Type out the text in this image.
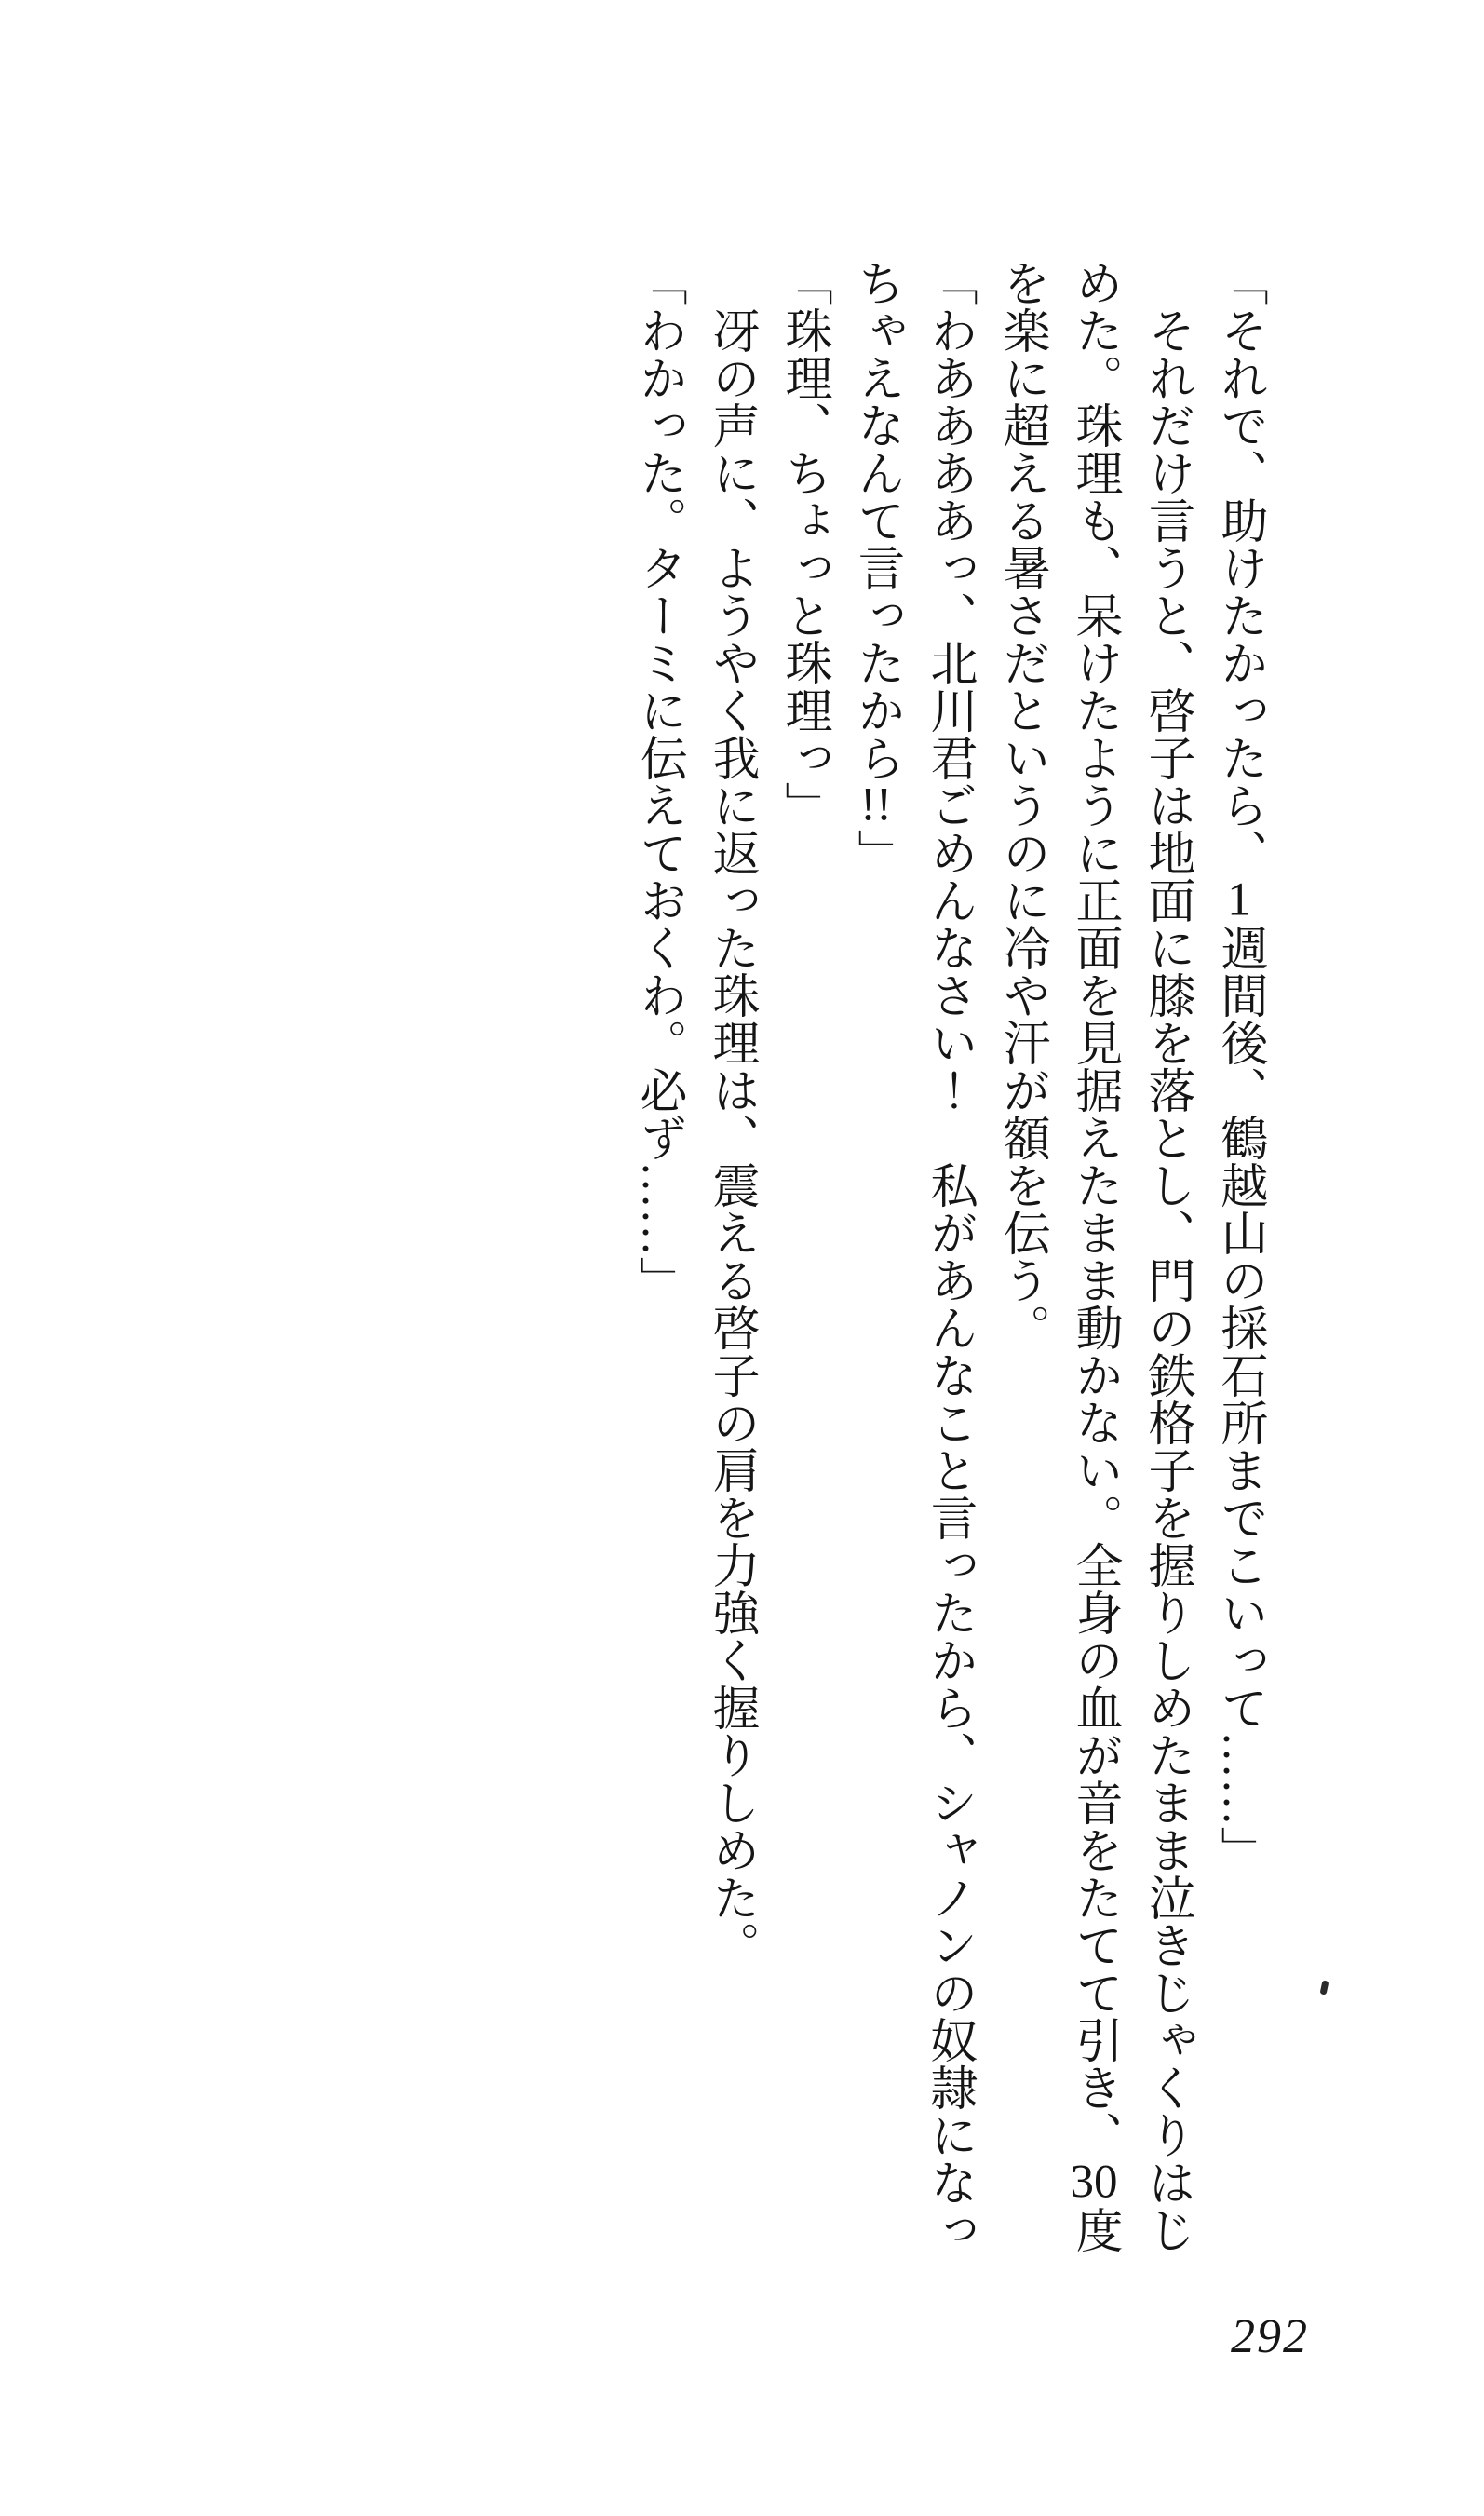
「それで、助けたかったら、1週間後、鶴越山の採石所までこいって……」

それだけ言うと、啓子は地面に膝を落とし、門の鉄格子を握りしめたまま泣きじゃくりはじめた。珠理も、呆けたように正面を見据えたまま動かない。全身の血が音をたてて引き、30度を楽に超える暑さだというのに冷や汗が額を伝う。

「わああああっ、北川君ごめんなさい！　私があんなこと言ったから、シャノンの奴隷になっちゃえなんて言ったから!!」

「珠理、ちょっと珠理っ」

冴の声に、ようやく我に返った珠理は、震える啓子の肩を力強く握りしめた。

「わかった。ターミに伝えておくわ。必ず……」

292
